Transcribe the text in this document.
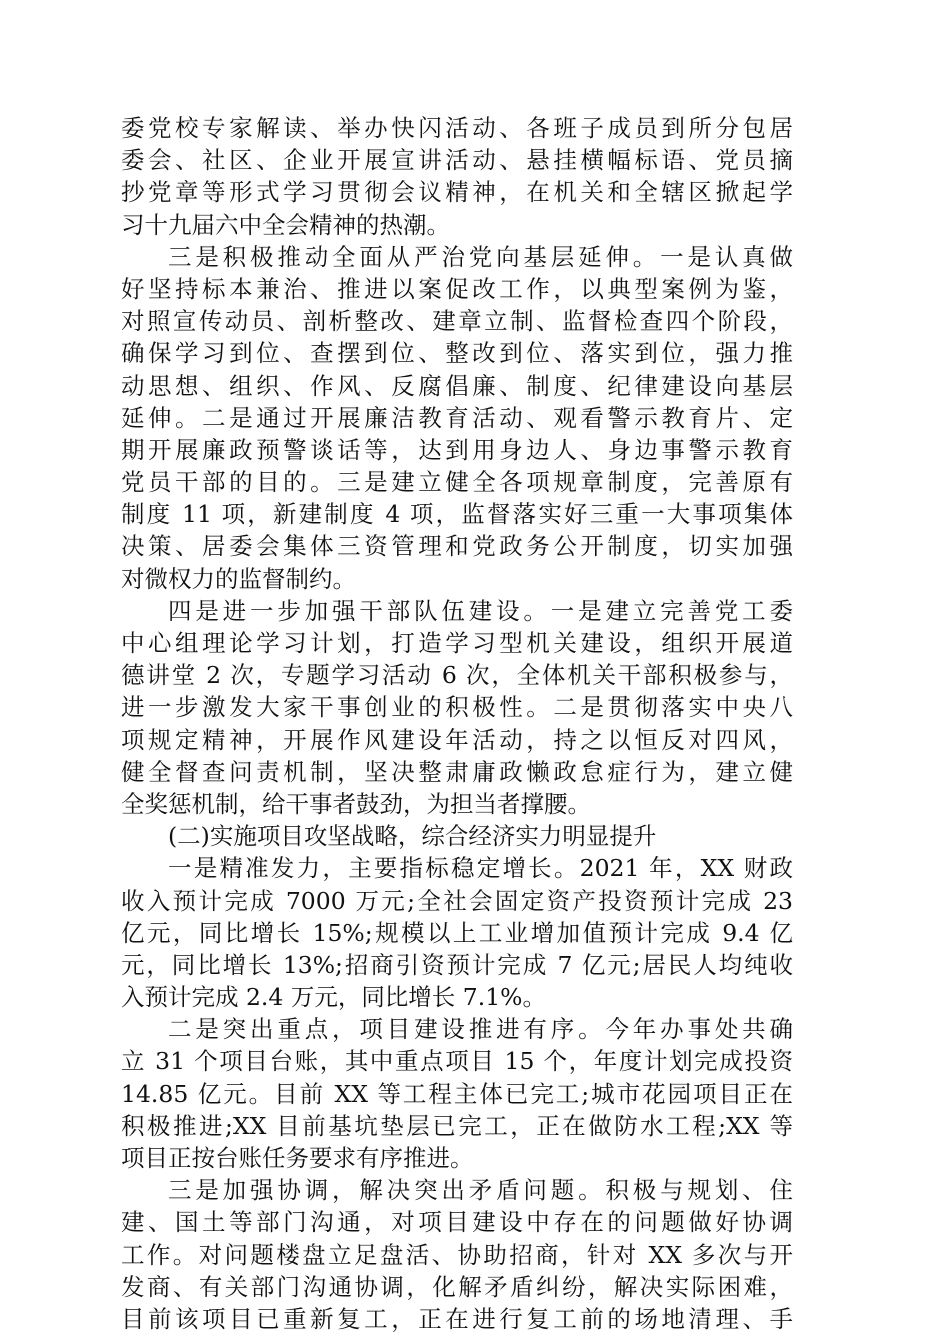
委党校专家解读、举办快闪活动、各班子成员到所分包居
委会、社区、企业开展宣讲活动、悬挂横幅标语、党员摘
抄党章等形式学习贯彻会议精神，在机关和全辖区掀起学
习十九届六中全会精神的热潮。
三是积极推动全面从严治党向基层延伸。一是认真做
好坚持标本兼治、推进以案促改工作，以典型案例为鉴，
对照宣传动员、剖析整改、建章立制、监督检查四个阶段，
确保学习到位、查摆到位、整改到位、落实到位，强力推
动思想、组织、作风、反腐倡廉、制度、纪律建设向基层
延伸。二是通过开展廉洁教育活动、观看警示教育片、定
期开展廉政预警谈话等，达到用身边人、身边事警示教育
党员干部的目的。三是建立健全各项规章制度，完善原有
制度 11 项，新建制度 4 项，监督落实好三重一大事项集体
决策、居委会集体三资管理和党政务公开制度，切实加强
对微权力的监督制约。
四是进一步加强干部队伍建设。一是建立完善党工委
中心组理论学习计划，打造学习型机关建设，组织开展道
德讲堂 2 次，专题学习活动 6 次，全体机关干部积极参与，
进一步激发大家干事创业的积极性。二是贯彻落实中央八
项规定精神，开展作风建设年活动，持之以恒反对四风，
健全督查问责机制，坚决整肃庸政懒政怠症行为，建立健
全奖惩机制，给干事者鼓劲，为担当者撑腰。
(二)实施项目攻坚战略，综合经济实力明显提升
一是精准发力，主要指标稳定增长。2021 年，XX 财政
收入预计完成 7000 万元;全社会固定资产投资预计完成 23
亿元，同比增长 15%;规模以上工业增加值预计完成 9.4 亿
元，同比增长 13%;招商引资预计完成 7 亿元;居民人均纯收
入预计完成 2.4 万元，同比增长 7.1%。
二是突出重点，项目建设推进有序。今年办事处共确
立 31 个项目台账，其中重点项目 15 个，年度计划完成投资
14.85 亿元。目前 XX 等工程主体已完工;城市花园项目正在
积极推进;XX 目前基坑垫层已完工，正在做防水工程;XX 等
项目正按台账任务要求有序推进。
三是加强协调，解决突出矛盾问题。积极与规划、住
建、国土等部门沟通，对项目建设中存在的问题做好协调
工作。对问题楼盘立足盘活、协助招商，针对 XX 多次与开
发商、有关部门沟通协调，化解矛盾纠纷，解决实际困难，
目前该项目已重新复工，正在进行复工前的场地清理、手
